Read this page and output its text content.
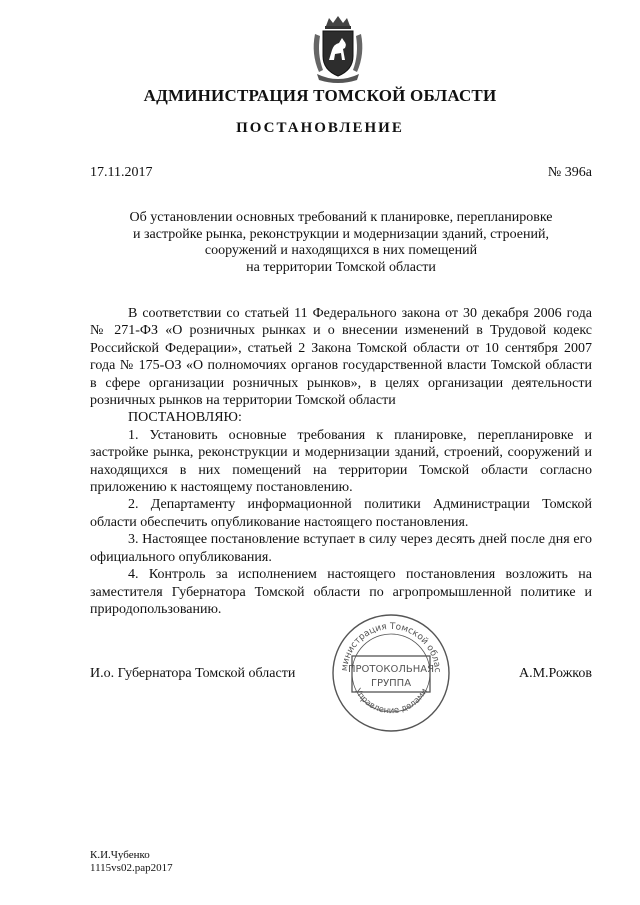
АДМИНИСТРАЦИЯ ТОМСКОЙ ОБЛАСТИ
ПОСТАНОВЛЕНИЕ
17.11.2017	№ 396а
Об установлении основных требований к планировке, перепланировке
и застройке рынка, реконструкции и модернизации зданий, строений,
сооружений и находящихся в них помещений
на территории Томской области
В соответствии со статьей 11 Федерального закона от 30 декабря 2006 года № 271-ФЗ «О розничных рынках и о внесении изменений в Трудовой кодекс Российской Федерации», статьей 2 Закона Томской области от 10 сентября 2007 года № 175-ОЗ «О полномочиях органов государственной власти Томской области в сфере организации розничных рынков», в целях организации деятельности розничных рынков на территории Томской области
ПОСТАНОВЛЯЮ:
1. Установить основные требования к планировке, перепланировке и застройке рынка, реконструкции и модернизации зданий, строений, сооружений и находящихся в них помещений на территории Томской области согласно приложению к настоящему постановлению.
2. Департаменту информационной политики Администрации Томской области обеспечить опубликование настоящего постановления.
3. Настоящее постановление вступает в силу через десять дней после дня его официального опубликования.
4. Контроль за исполнением настоящего постановления возложить на заместителя Губернатора Томской области по агропромышленной политике и природопользованию.
И.о. Губернатора Томской области	А.М.Рожков
министрация Томской облас
Управление делами
ПРОТОКОЛЬНАЯ
ГРУППА
К.И.Чубенко
1115vs02.pap2017
